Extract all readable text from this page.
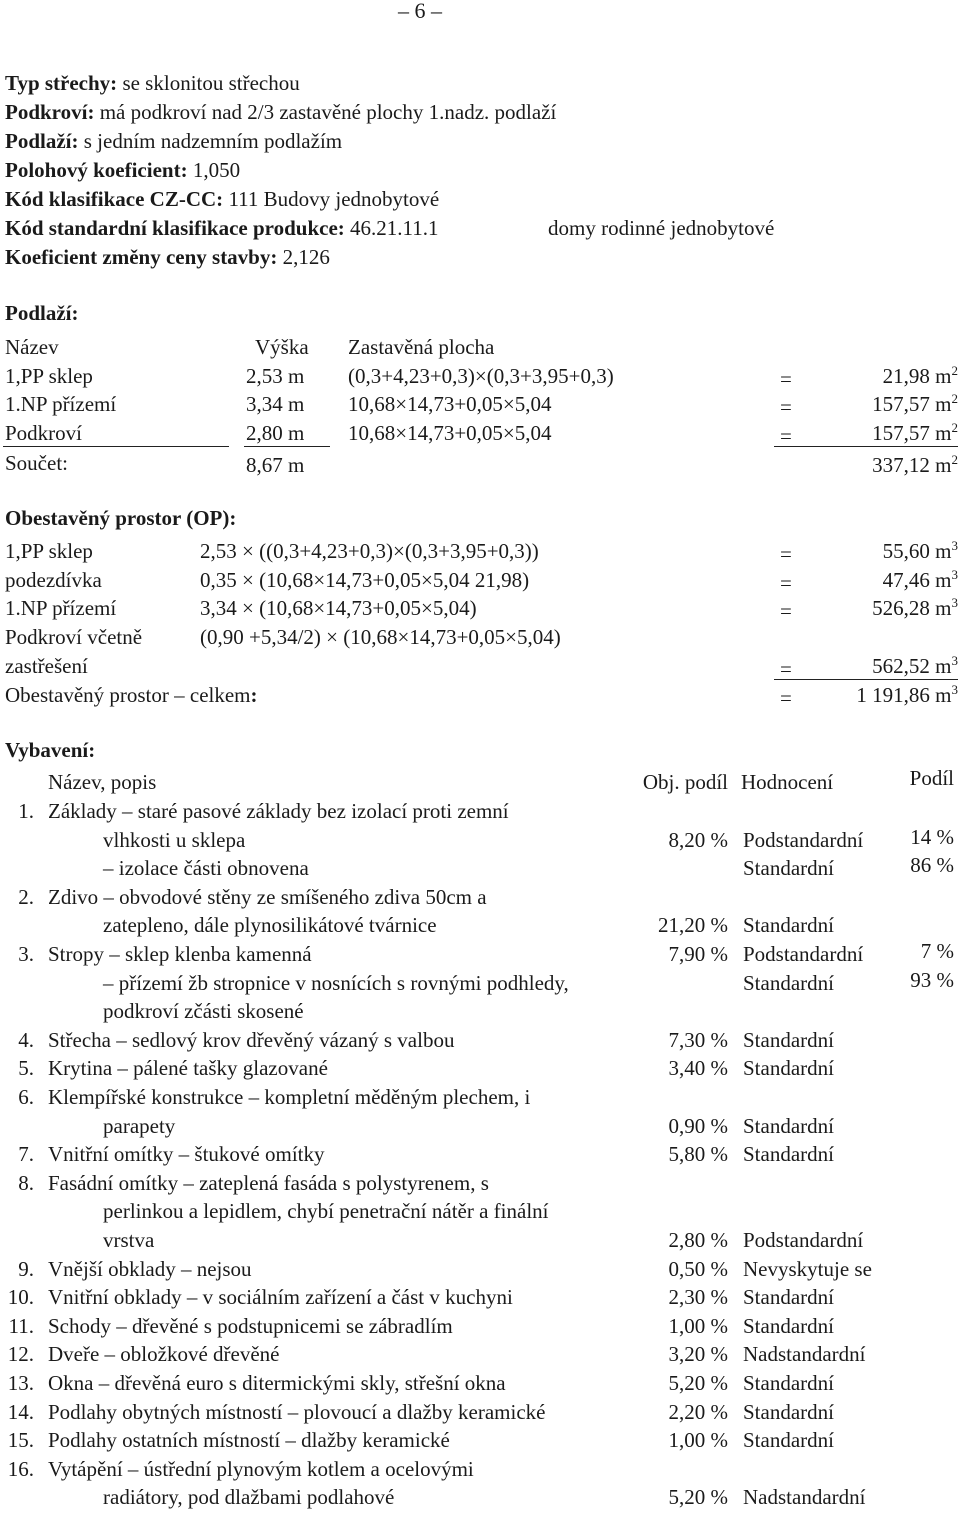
– 6 –
Typ střechy: se sklonitou střechou
Podkroví: má podkroví nad 2/3 zastavěné plochy 1.nadz. podlaží
Podlaží: s jedním nadzemním podlažím
Polohový koeficient: 1,050
Kód klasifikace CZ-CC: 111 Budovy jednobytové
Kód standardní klasifikace produkce: 46.21.11.1	domy rodinné jednobytové
Koeficient změny ceny stavby: 2,126
Podlaží:
Název	Výška Zastavěná plocha
1,PP sklep	2,53 m (0,3+4,23+0,3)×(0,3+3,95+0,3)	=	21,98 $m^2$
1.NP přízemí	3,34 m 10,68×14,73+0,05×5,04	=	157,57 $m^2$
Podkroví	2,80 m 10,68×14,73+0,05×5,04	=	157,57 $m^2$
Součet:	8,67 m	337,12 $m^2$
Obestavěný prostor (OP):
1,PP sklep	2,53 × ((0,3+4,23+0,3)×(0,3+3,95+0,3))	=	55,60 $m^3$
podezdívka	0,35 × (10,68×14,73+0,05×5,04 21,98)	=	47,46 $m^3$
1.NP přízemí	3,34 × (10,68×14,73+0,05×5,04)	=	526,28 $m^3$
Podkroví včetně	(0,90 +5,34/2) × (10,68×14,73+0,05×5,04)
zastřešení	=	562,52 $m^3$
Obestavěný prostor – celkem:	=	1 191,86 $m^3$
Vybavení:
Název, popis	Obj. podíl Hodnocení	Podíl
1. Základy – staré pasové základy bez izolací proti zemní
vlhkosti u sklepa	8,20 % Podstandardní	14 %
– izolace části obnovena	Standardní	86 %
2. Zdivo – obvodové stěny ze smíšeného zdiva 50cm a
zatepleno, dále plynosilikátové tvárnice	21,20 % Standardní
3. Stropy – sklep klenba kamenná	7,90 % Podstandardní	7 %
– přízemí žb stropnice v nosnících s rovnými podhledy,	Standardní	93 %
podkroví zčásti skosené
4. Střecha – sedlový krov dřevěný vázaný s valbou	7,30 % Standardní
5. Krytina – pálené tašky glazované	3,40 % Standardní
6. Klempířské konstrukce – kompletní měděným plechem, i
parapety	0,90 % Standardní
7. Vnitřní omítky – štukové omítky	5,80 % Standardní
8. Fasádní omítky – zateplená fasáda s polystyrenem, s
perlinkou a lepidlem, chybí penetrační nátěr a finální
vrstva	2,80 % Podstandardní
9. Vnější obklady – nejsou	0,50 % Nevyskytuje se
10. Vnitřní obklady – v sociálním zařízení a část v kuchyni	2,30 % Standardní
11. Schody – dřevěné s podstupnicemi se zábradlím	1,00 % Standardní
12. Dveře – obložkové dřevěné	3,20 % Nadstandardní
13. Okna – dřevěná euro s ditermickými skly, střešní okna	5,20 % Standardní
14. Podlahy obytných místností – plovoucí a dlažby keramické	2,20 % Standardní
15. Podlahy ostatních místností – dlažby keramické	1,00 % Standardní
16. Vytápění – ústřední plynovým kotlem a ocelovými
radiátory, pod dlažbami podlahové	5,20 % Nadstandardní
